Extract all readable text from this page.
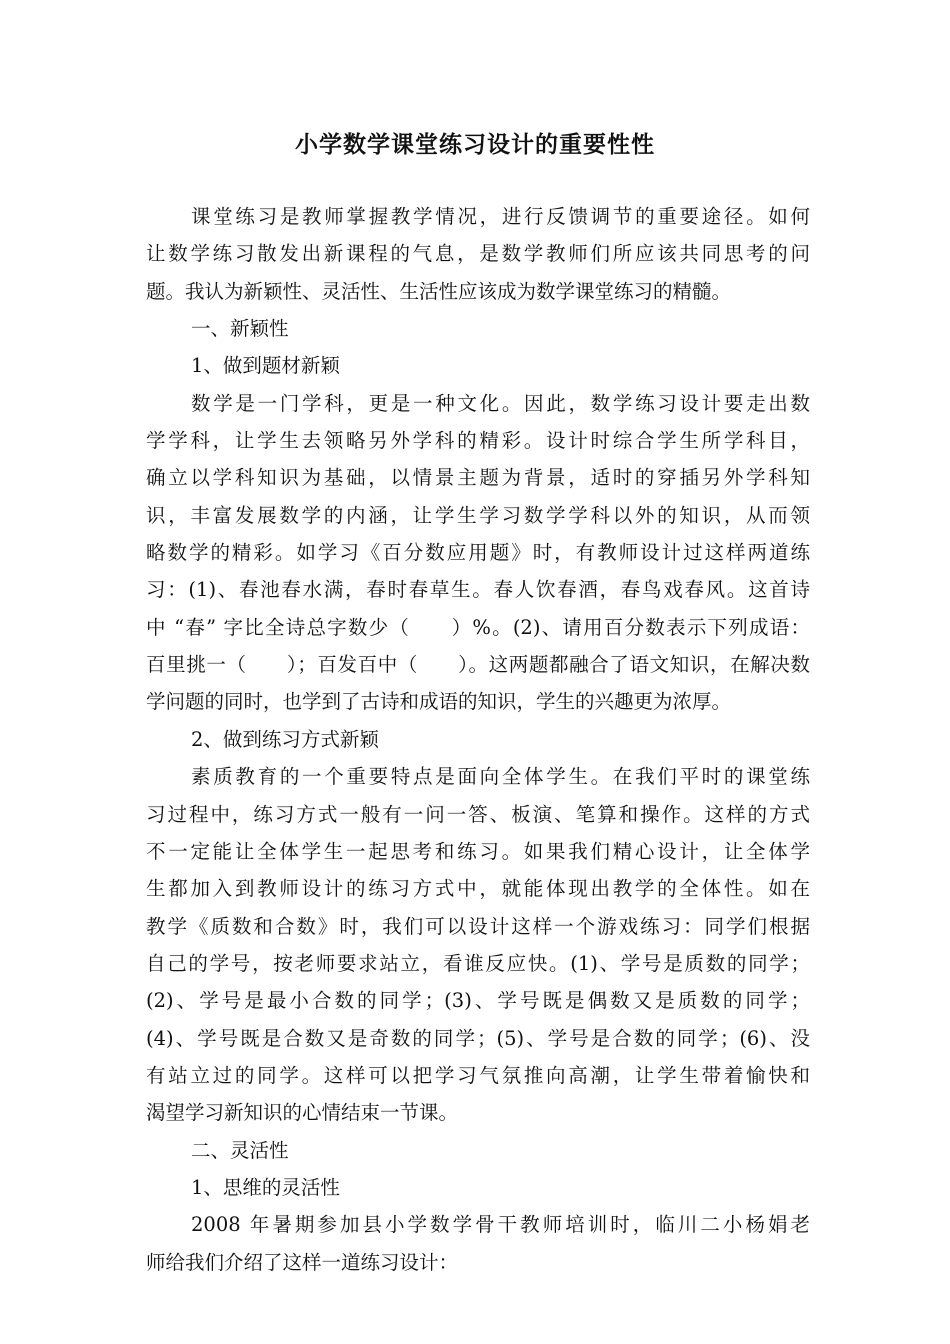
小学数学课堂练习设计的重要性性
课堂练习是教师掌握教学情况，进行反馈调节的重要途径。如何
让数学练习散发出新课程的气息，是数学教师们所应该共同思考的问
题。我认为新颖性、灵活性、生活性应该成为数学课堂练习的精髓。
一、新颖性
1、做到题材新颖
数学是一门学科，更是一种文化。因此，数学练习设计要走出数
学学科，让学生去领略另外学科的精彩。设计时综合学生所学科目，
确立以学科知识为基础，以情景主题为背景，适时的穿插另外学科知
识，丰富发展数学的内涵，让学生学习数学学科以外的知识，从而领
略数学的精彩。如学习《百分数应用题》时，有教师设计过这样两道练
习：(1)、春池春水满，春时春草生。春人饮春酒，春鸟戏春风。这首诗
中 “春” 字比全诗总字数少（　　）%。(2)、请用百分数表示下列成语：
百里挑一（　　）；百发百中（　　）。这两题都融合了语文知识，在解决数
学问题的同时，也学到了古诗和成语的知识，学生的兴趣更为浓厚。
2、做到练习方式新颖
素质教育的一个重要特点是面向全体学生。在我们平时的课堂练
习过程中，练习方式一般有一问一答、板演、笔算和操作。这样的方式
不一定能让全体学生一起思考和练习。如果我们精心设计，让全体学
生都加入到教师设计的练习方式中，就能体现出教学的全体性。如在
教学《质数和合数》时，我们可以设计这样一个游戏练习：同学们根据
自己的学号，按老师要求站立，看谁反应快。(1)、学号是质数的同学；
(2)、学号是最小合数的同学；(3)、学号既是偶数又是质数的同学；
(4)、学号既是合数又是奇数的同学；(5)、学号是合数的同学；(6)、没
有站立过的同学。这样可以把学习气氛推向高潮，让学生带着愉快和
渴望学习新知识的心情结束一节课。
二、灵活性
1、思维的灵活性
2008 年暑期参加县小学数学骨干教师培训时，临川二小杨娟老
师给我们介绍了这样一道练习设计：
